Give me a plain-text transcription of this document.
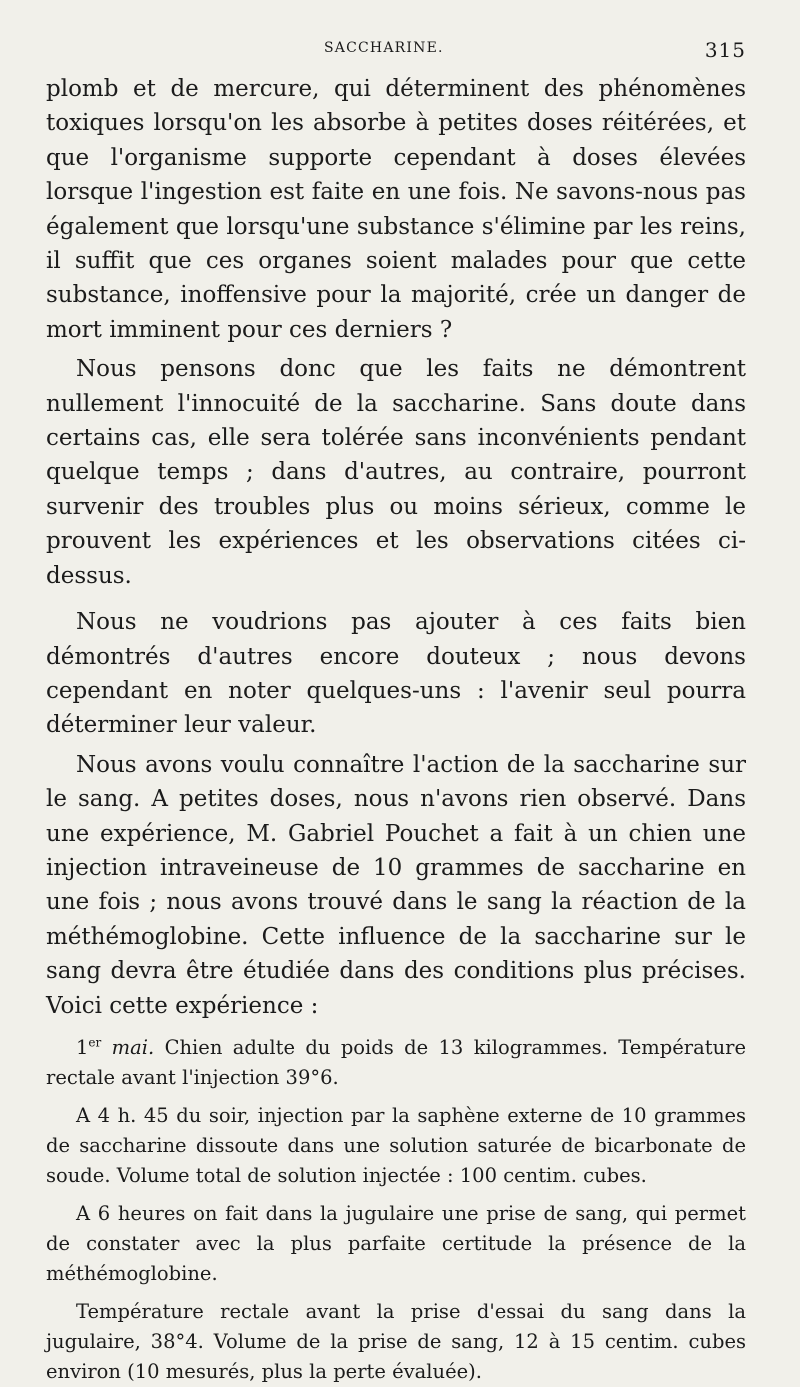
SACCHARINE.	315

plomb et de mercure, qui déterminent des phénomènes toxiques lorsqu'on les absorbe à petites doses réitérées, et que l'organisme supporte cependant à doses élevées lorsque l'ingestion est faite en une fois. Ne savons-nous pas également que lorsqu'une substance s'élimine par les reins, il suffit que ces organes soient malades pour que cette substance, inoffensive pour la majorité, crée un danger de mort imminent pour ces derniers ?

Nous pensons donc que les faits ne démontrent nullement l'innocuité de la saccharine. Sans doute dans certains cas, elle sera tolérée sans inconvénients pendant quelque temps ; dans d'autres, au contraire, pourront survenir des troubles plus ou moins sérieux, comme le prouvent les expériences et les observations citées ci-dessus.

Nous ne voudrions pas ajouter à ces faits bien démontrés d'autres encore douteux ; nous devons cependant en noter quelques-uns : l'avenir seul pourra déterminer leur valeur.

Nous avons voulu connaître l'action de la saccharine sur le sang. A petites doses, nous n'avons rien observé. Dans une expérience, M. Gabriel Pouchet a fait à un chien une injection intraveineuse de 10 grammes de saccharine en une fois ; nous avons trouvé dans le sang la réaction de la méthémoglobine. Cette influence de la saccharine sur le sang devra être étudiée dans des conditions plus précises. Voici cette expérience :

1er mai. Chien adulte du poids de 13 kilogrammes. Température rectale avant l'injection 39°6.

A 4 h. 45 du soir, injection par la saphène externe de 10 grammes de saccharine dissoute dans une solution saturée de bicarbonate de soude. Volume total de solution injectée : 100 centim. cubes.

A 6 heures on fait dans la jugulaire une prise de sang, qui permet de constater avec la plus parfaite certitude la présence de la méthémoglobine.

Température rectale avant la prise d'essai du sang dans la jugulaire, 38°4. Volume de la prise de sang, 12 à 15 centim. cubes environ (10 mesurés, plus la perte évaluée).
